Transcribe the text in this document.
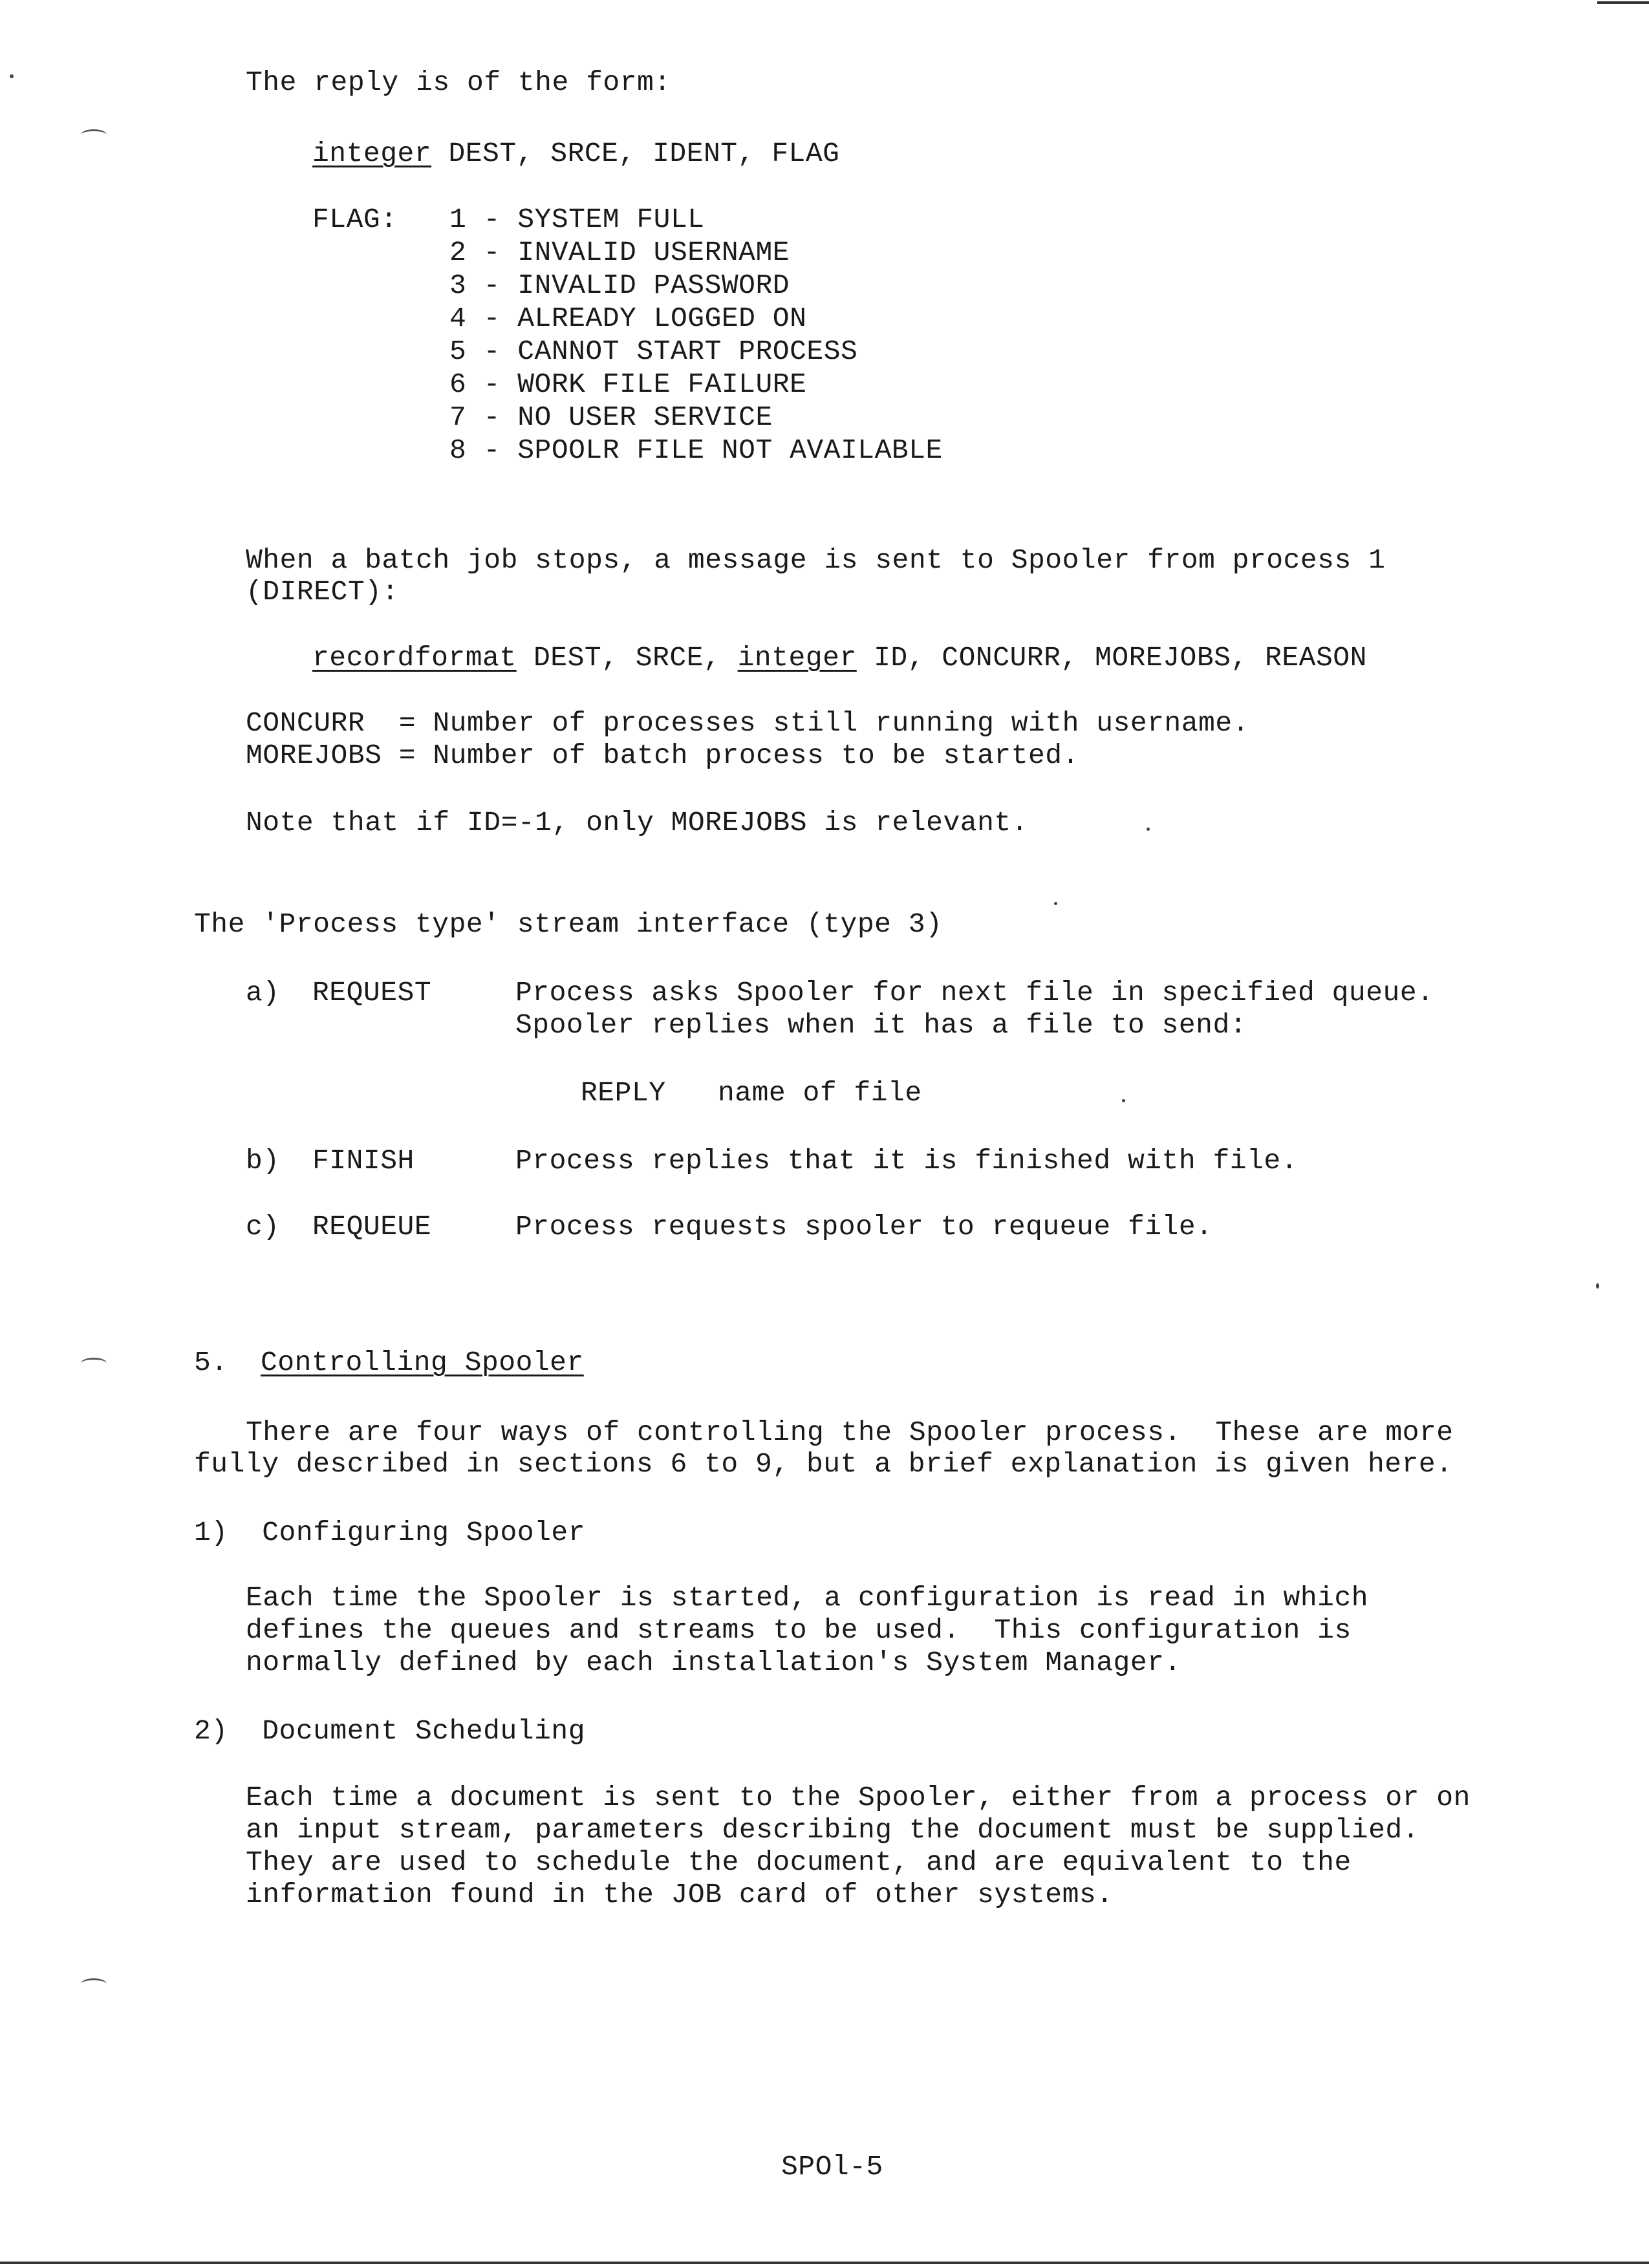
The reply is of the form:
integer DEST, SRCE, IDENT, FLAG
FLAG: 1 - SYSTEM FULL
2 - INVALID USERNAME
3 - INVALID PASSWORD
4 - ALREADY LOGGED ON
5 - CANNOT START PROCESS
6 - WORK FILE FAILURE
7 - NO USER SERVICE
8 - SPOOLR FILE NOT AVAILABLE
When a batch job stops, a message is sent to Spooler from process 1
(DIRECT):
recordformat DEST, SRCE, integer ID, CONCURR, MOREJOBS, REASON
CONCURR  = Number of processes still running with username.
MOREJOBS = Number of batch process to be started.
Note that if ID=-1, only MOREJOBS is relevant.
The 'Process type' stream interface (type 3)
a) REQUEST	Process asks Spooler for next file in specified queue.
Spooler replies when it has a file to send:
REPLY name of file
b) FINISH	Process replies that it is finished with file.
c) REQUEUE	Process requests spooler to requeue file.
5. Controlling Spooler
There are four ways of controlling the Spooler process.  These are more
fully described in sections 6 to 9, but a brief explanation is given here.
1)  Configuring Spooler
Each time the Spooler is started, a configuration is read in which
defines the queues and streams to be used.  This configuration is
normally defined by each installation's System Manager.
2)  Document Scheduling
Each time a document is sent to the Spooler, either from a process or on
an input stream, parameters describing the document must be supplied.
They are used to schedule the document, and are equivalent to the
information found in the JOB card of other systems.
SPOl-5
